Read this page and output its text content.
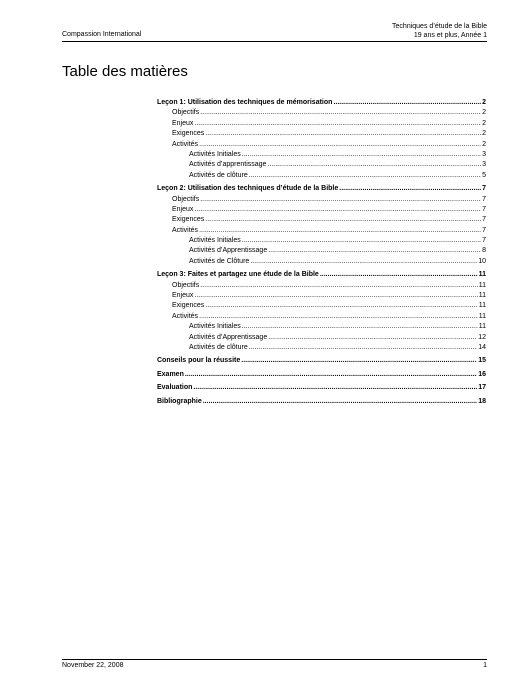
Compassion International
Techniques d’étude de la Bible
19 ans et plus, Année 1
Table des matières
Leçon 1: Utilisation des techniques de mémorisation .....	2
Objectifs .....	2
Enjeux .....	2
Exigences .....	2
Activités .....	2
Activités Initiales .....	3
Activités d’apprentissage .....	3
Activités de clôture .....	5
Leçon 2: Utilisation des techniques d’étude de la Bible .....	7
Objectifs .....	7
Enjeux .....	7
Exigences .....	7
Activités .....	7
Activités Initiales .....	7
Activités d’Apprentissage .....	8
Activités de Clôture .....	10
Leçon 3: Faites et partagez une étude de la Bible .....	11
Objectifs .....	11
Enjeux .....	11
Exigences .....	11
Activités .....	11
Activités Initiales .....	11
Activités d’Apprentissage .....	12
Activités de clôture .....	14
Conseils pour la réussite .....	15
Examen .....	16
Evaluation .....	17
Bibliographie .....	18
November 22, 2008	1
